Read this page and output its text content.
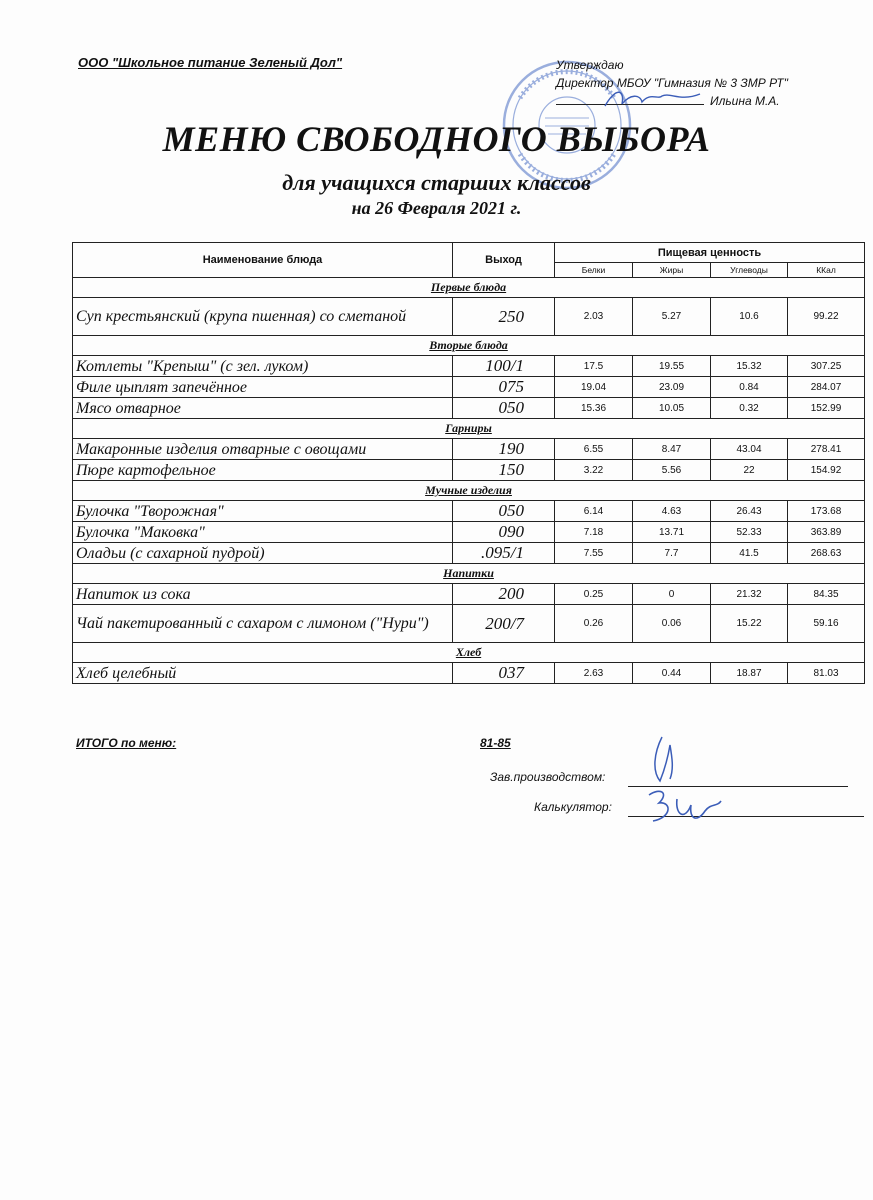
ООО "Школьное питание Зеленый Дол"	Утверждаю
Директор МБОУ "Гимназия № 3 ЗМР РТ"
Ильина М.А.
МЕНЮ СВОБОДНОГО ВЫБОРА
для учащихся старших классов
на 26 Февраля 2021 г.
Наименование блюда	Выход	Пищевая ценность			
		Белки	Жиры	Углеводы	ККал
Первые блюда					
Суп крестьянский (крупа пшенная) со сметаной	250	2.03	5.27	10.6	99.22
Вторые блюда					
Котлеты "Крепыш" (с зел. луком)	100/1	17.5	19.55	15.32	307.25
Филе цыплят запечённое	075	19.04	23.09	0.84	284.07
Мясо отварное	050	15.36	10.05	0.32	152.99
Гарниры					
Макаронные изделия отварные с овощами	190	6.55	8.47	43.04	278.41
Пюре картофельное	150	3.22	5.56	22	154.92
Мучные изделия					
Булочка "Творожная"	050	6.14	4.63	26.43	173.68
Булочка "Маковка"	090	7.18	13.71	52.33	363.89
Оладьи (с сахарной пудрой)	.095/1	7.55	7.7	41.5	268.63
Напитки					
Напиток из сока	200	0.25	0	21.32	84.35
Чай пакетированный с сахаром с лимоном ("Нури")	200/7	0.26	0.06	15.22	59.16
Хлеб					
Хлеб целебный	037	2.63	0.44	18.87	81.03
ИТОГО по меню:	81-85
Зав.производством:
Калькулятор:
